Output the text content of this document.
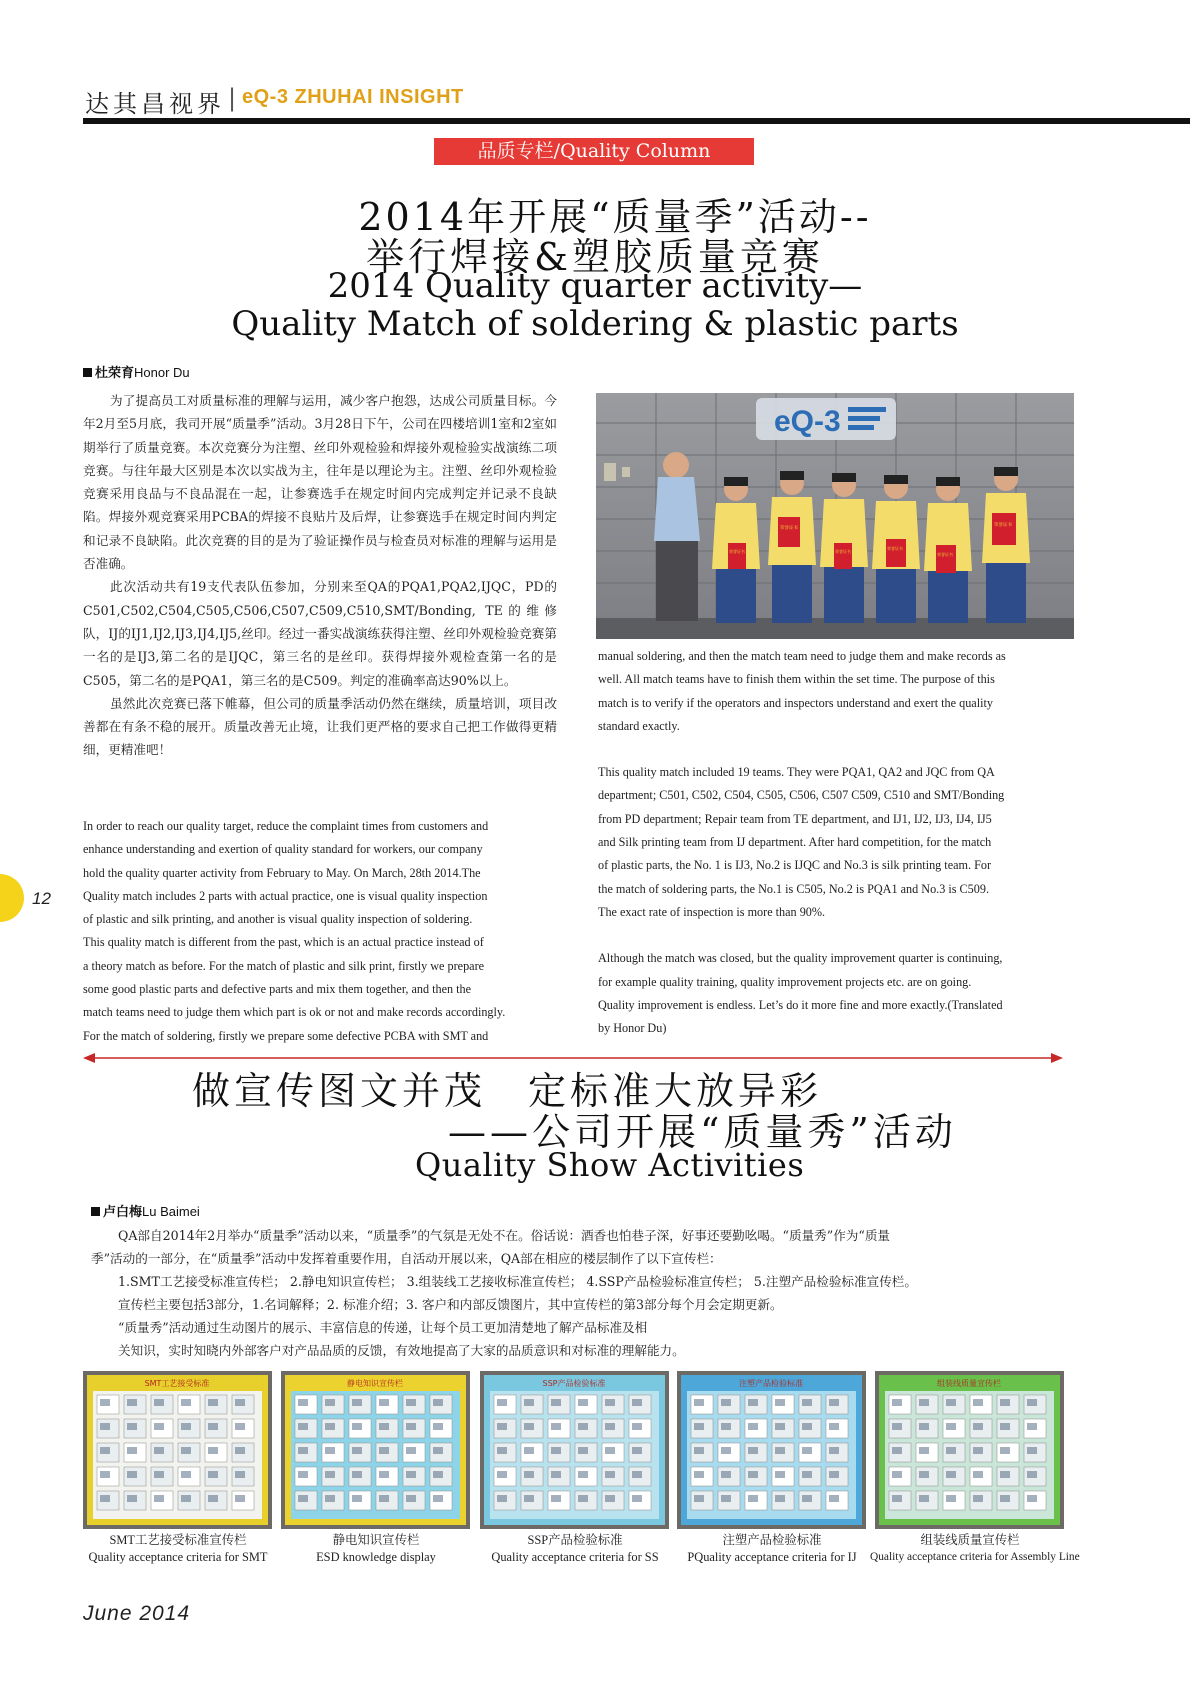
达其昌视界 | eQ-3 ZHUHAI INSIGHT
品质专栏/Quality Column
2014年开展“质量季”活动--
举行焊接&塑胶质量竞赛
2014 Quality quarter activity—
Quality Match of soldering & plastic parts
杜荣育Honor Du

为了提高员工对质量标准的理解与运用，减少客户抱怨，达成公司质量目标。今年2月至5月底，我司开展“质量季”活动。3月28日下午，公司在四楼培训1室和2室如期举行了质量竞赛。本次竞赛分为注塑、丝印外观检验和焊接外观检验实战演练二项竞赛。与往年最大区别是本次以实战为主，往年是以理论为主。注塑、丝印外观检验竞赛采用良品与不良品混在一起，让参赛选手在规定时间内完成判定并记录不良缺陷。焊接外观竞赛采用PCBA的焊接不良贴片及后焊，让参赛选手在规定时间内判定和记录不良缺陷。此次竞赛的目的是为了验证操作员与检查员对标准的理解与运用是否准确。

此次活动共有19支代表队伍参加，分别来至QA的PQA1,PQA2,IJQC，PD的C501,C502,C504,C505,C506,C507,C509,C510,SMT/Bonding, TE的维修队，IJ的IJ1,IJ2,IJ3,IJ4,IJ5,丝印。经过一番实战演练获得注塑、丝印外观检验竞赛第一名的是IJ3,第二名的是IJQC，第三名的是丝印。获得焊接外观检查第一名的是C505，第二名的是PQA1，第三名的是C509。判定的准确率高达90%以上。

虽然此次竞赛已落下帷幕，但公司的质量季活动仍然在继续，质量培训，项目改善都在有条不稳的展开。质量改善无止境，让我们更严格的要求自己把工作做得更精细，更精准吧！

In order to reach our quality target, reduce the complaint times from customers and

enhance understanding and exertion of quality standard for workers, our company

hold the quality quarter activity from February to May. On March, 28th 2014.The

Quality match includes 2 parts with actual practice, one is visual quality inspection

of plastic and silk printing, and another is visual quality inspection of soldering.

This quality match is different from the past, which is an actual practice instead of

a theory match as before. For the match of plastic and silk print, firstly we prepare

some good plastic parts and defective parts and mix them together, and then the

match teams need to judge them which part is ok or not and make records accordingly.

For the match of soldering, firstly we prepare some defective PCBA with SMT and

eQ-3
荣誉证书
荣誉证书
荣誉证书
荣誉证书
荣誉证书
荣誉证书

manual soldering, and then the match team need to judge them and make records as

well. All match teams have to finish them within the set time. The purpose of this

match is to verify if the operators and inspectors understand and exert the quality

standard exactly.

This quality match included 19 teams. They were PQA1, QA2 and JQC from QA

department; C501, C502, C504, C505, C506, C507 C509, C510 and SMT/Bonding

from PD department; Repair team from TE department, and IJ1, IJ2, IJ3, IJ4, IJ5

and Silk printing team from IJ department. After hard competition, for the match

of plastic parts, the No. 1 is IJ3, No.2 is IJQC and No.3 is silk printing team. For

the match of soldering parts, the No.1 is C505, No.2 is PQA1 and No.3 is C509.

The exact rate of inspection is more than 90%.

Although the match was closed, but the quality improvement quarter is continuing,

for example quality training, quality improvement projects etc. are on going.

Quality improvement is endless. Let’s do it more fine and more exactly.(Translated

by Honor Du)

12
做宣传图文并茂　定标准大放异彩
——公司开展“质量秀”活动
Quality Show Activities
卢白梅Lu Baimei

QA部自2014年2月举办“质量季”活动以来，“质量季”的气氛是无处不在。俗话说：酒香也怕巷子深，好事还要勤吆喝。“质量秀”作为“质量

季”活动的一部分，在“质量季”活动中发挥着重要作用，自活动开展以来，QA部在相应的楼层制作了以下宣传栏：

1.SMT工艺接受标准宣传栏； 2.静电知识宣传栏； 3.组装线工艺接收标准宣传栏； 4.SSP产品检验标准宣传栏； 5.注塑产品检验标准宣传栏。

宣传栏主要包括3部分，1.名词解释；2. 标准介绍；3. 客户和内部反馈图片，其中宣传栏的第3部分每个月会定期更新。

“质量秀”活动通过生动图片的展示、丰富信息的传递，让每个员工更加清楚地了解产品标准及相

关知识，实时知晓内外部客户对产品品质的反馈，有效地提高了大家的品质意识和对标准的理解能力。

SMT工艺接受标准
SMT工艺接受标准宣传栏
Quality acceptance criteria for SMT
静电知识宣传栏
静电知识宣传栏
ESD knowledge display
SSP产品检验标准
SSP产品检验标准
Quality acceptance criteria for SS
注塑产品检验标准
注塑产品检验标准
PQuality acceptance criteria for IJ
组装线质量宣传栏
组装线质量宣传栏
Quality acceptance criteria for Assembly Line
June 2014
